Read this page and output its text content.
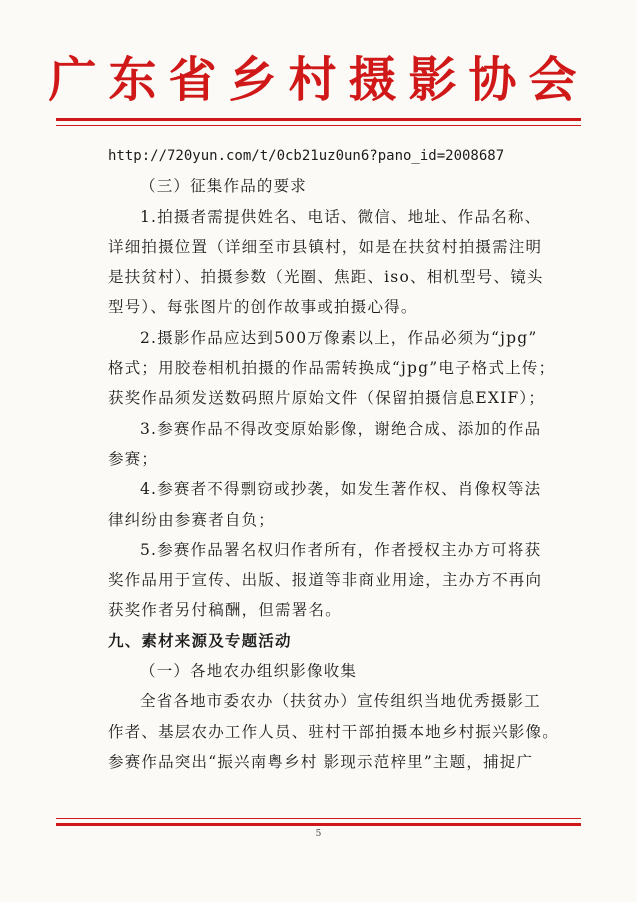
广东省乡村摄影协会
http://720yun.com/t/0cb21uz0un6?pano_id=2008687
（三）征集作品的要求
1.拍摄者需提供姓名、电话、微信、地址、作品名称、
详细拍摄位置（详细至市县镇村，如是在扶贫村拍摄需注明
是扶贫村）、拍摄参数（光圈、焦距、iso、相机型号、镜头
型号）、每张图片的创作故事或拍摄心得。
2.摄影作品应达到500万像素以上，作品必须为“jpg”
格式；用胶卷相机拍摄的作品需转换成“jpg”电子格式上传；
获奖作品须发送数码照片原始文件（保留拍摄信息EXIF）；
3.参赛作品不得改变原始影像，谢绝合成、添加的作品
参赛；
4.参赛者不得剽窃或抄袭，如发生著作权、肖像权等法
律纠纷由参赛者自负；
5.参赛作品署名权归作者所有，作者授权主办方可将获
奖作品用于宣传、出版、报道等非商业用途，主办方不再向
获奖作者另付稿酬，但需署名。
九、素材来源及专题活动
（一）各地农办组织影像收集
全省各地市委农办（扶贫办）宣传组织当地优秀摄影工
作者、基层农办工作人员、驻村干部拍摄本地乡村振兴影像。
参赛作品突出“振兴南粤乡村 影现示范梓里”主题，捕捉广
5
